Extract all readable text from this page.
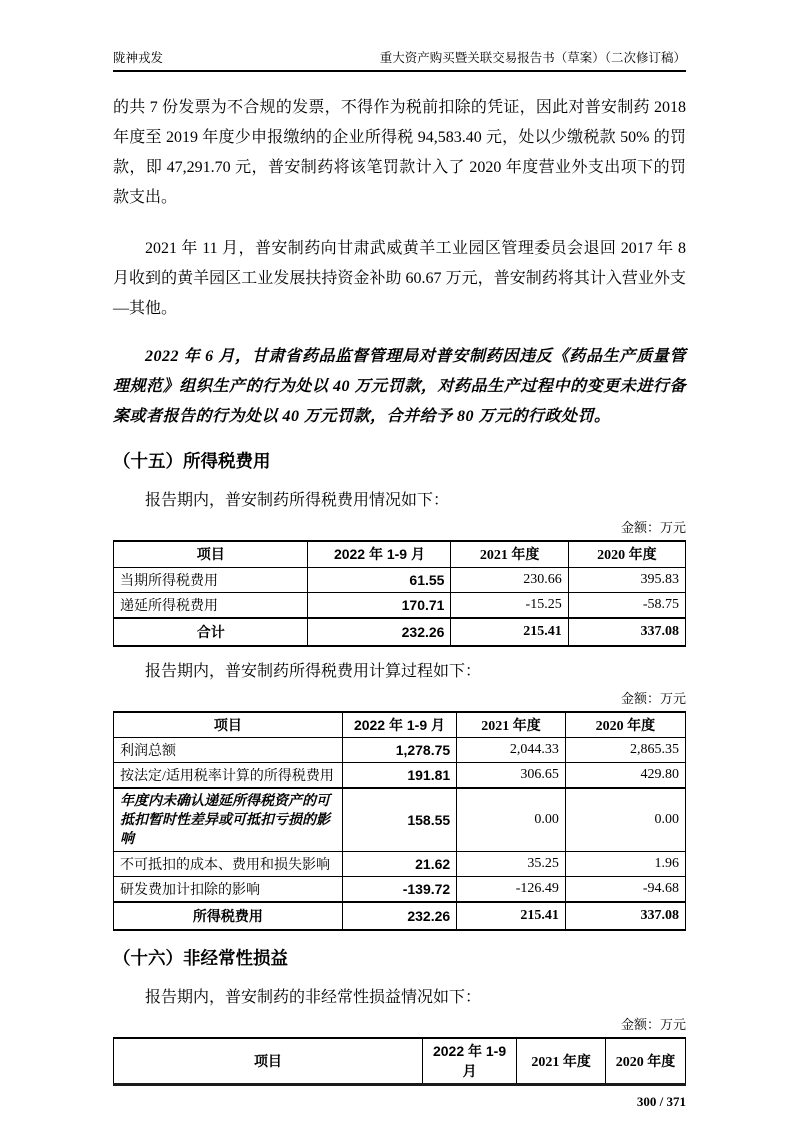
陇神戎发	重大资产购买暨关联交易报告书（草案）（二次修订稿）

的共 7 份发票为不合规的发票，不得作为税前扣除的凭证，因此对普安制药 2018 年度至 2019 年度少申报缴纳的企业所得税 94,583.40 元，处以少缴税款 50% 的罚款，即 47,291.70 元，普安制药将该笔罚款计入了 2020 年度营业外支出项下的罚款支出。

2021 年 11 月，普安制药向甘肃武威黄羊工业园区管理委员会退回 2017 年 8 月收到的黄羊园区工业发展扶持资金补助 60.67 万元，普安制药将其计入营业外支—其他。

2022 年 6 月，甘肃省药品监督管理局对普安制药因违反《药品生产质量管理规范》组织生产的行为处以 40 万元罚款，对药品生产过程中的变更未进行备案或者报告的行为处以 40 万元罚款，合并给予 80 万元的行政处罚。

（十五）所得税费用

报告期内，普安制药所得税费用情况如下：

金额：万元
项目	2022 年 1-9 月	2021 年度	2020 年度
当期所得税费用	61.55	230.66	395.83
递延所得税费用	170.71	-15.25	-58.75
合计	232.26	215.41	337.08

报告期内，普安制药所得税费用计算过程如下：

金额：万元
项目	2022 年 1-9 月	2021 年度	2020 年度
利润总额	1,278.75	2,044.33	2,865.35
按法定/适用税率计算的所得税费用	191.81	306.65	429.80
年度内未确认递延所得税资产的可抵扣暂时性差异或可抵扣亏损的影响	158.55	0.00	0.00
不可抵扣的成本、费用和损失影响	21.62	35.25	1.96
研发费加计扣除的影响	-139.72	-126.49	-94.68
所得税费用	232.26	215.41	337.08
（十六）非经常性损益

报告期内，普安制药的非经常性损益情况如下：

金额：万元
项目	2022 年 1-9 月	2021 年度	2020 年度
300 / 371
